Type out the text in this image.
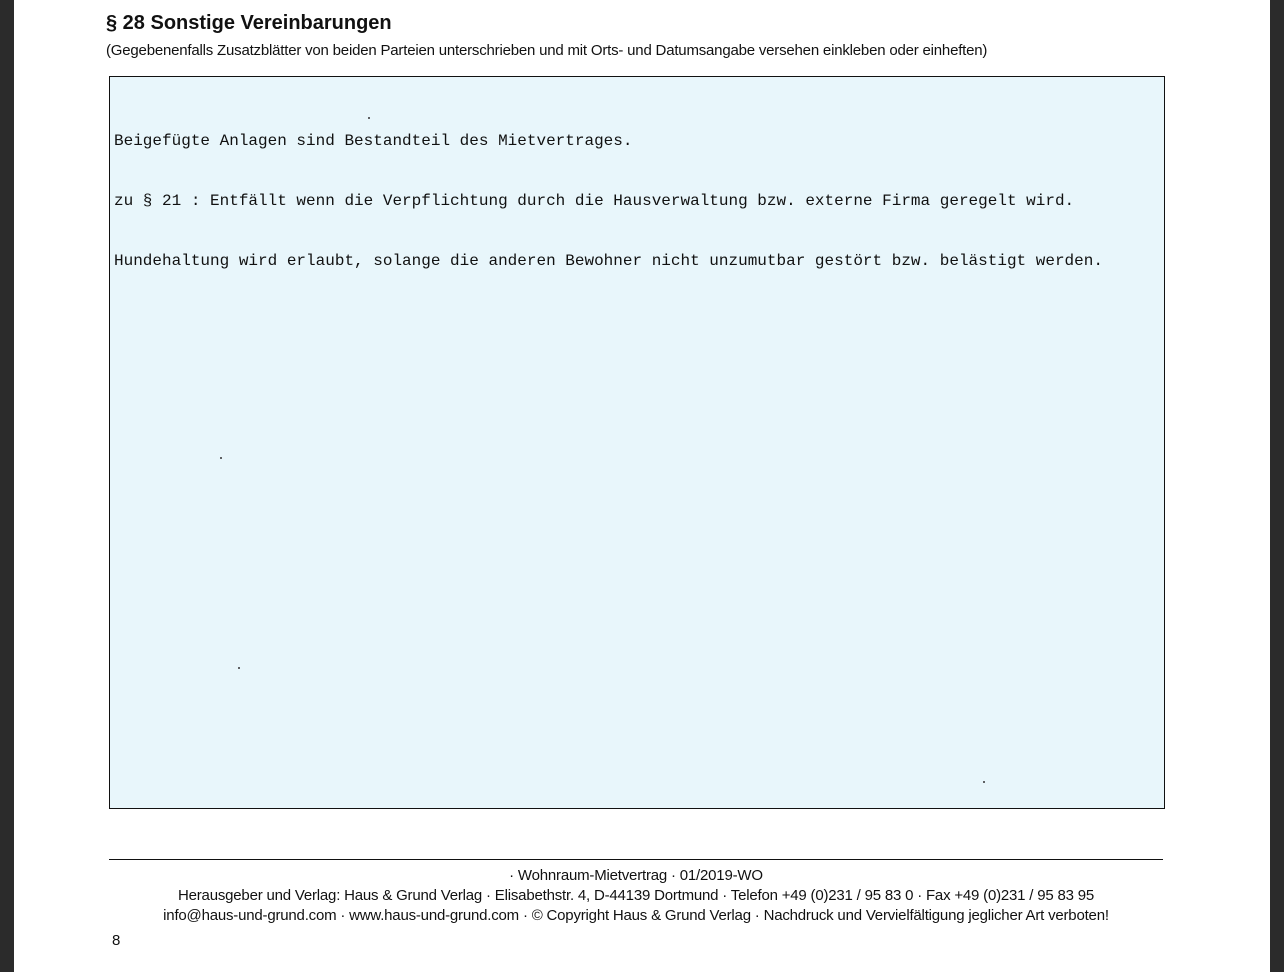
§ 28 Sonstige Vereinbarungen
(Gegebenenfalls Zusatzblätter von beiden Parteien unterschrieben und mit Orts- und Datumsangabe versehen einkleben oder einheften)

Beigefügte Anlagen sind Bestandteil des Mietvertrages.

zu § 21 : Entfällt wenn die Verpflichtung durch die Hausverwaltung bzw. externe Firma geregelt wird.

Hundehaltung wird erlaubt, solange die anderen Bewohner nicht unzumutbar gestört bzw. belästigt werden.

· Wohnraum-Mietvertrag · 01/2019-WO
Herausgeber und Verlag: Haus & Grund Verlag · Elisabethstr. 4, D-44139 Dortmund · Telefon +49 (0)231 / 95 83 0 · Fax +49 (0)231 / 95 83 95
info@haus-und-grund.com · www.haus-und-grund.com · © Copyright Haus & Grund Verlag · Nachdruck und Vervielfältigung jeglicher Art verboten!
8
